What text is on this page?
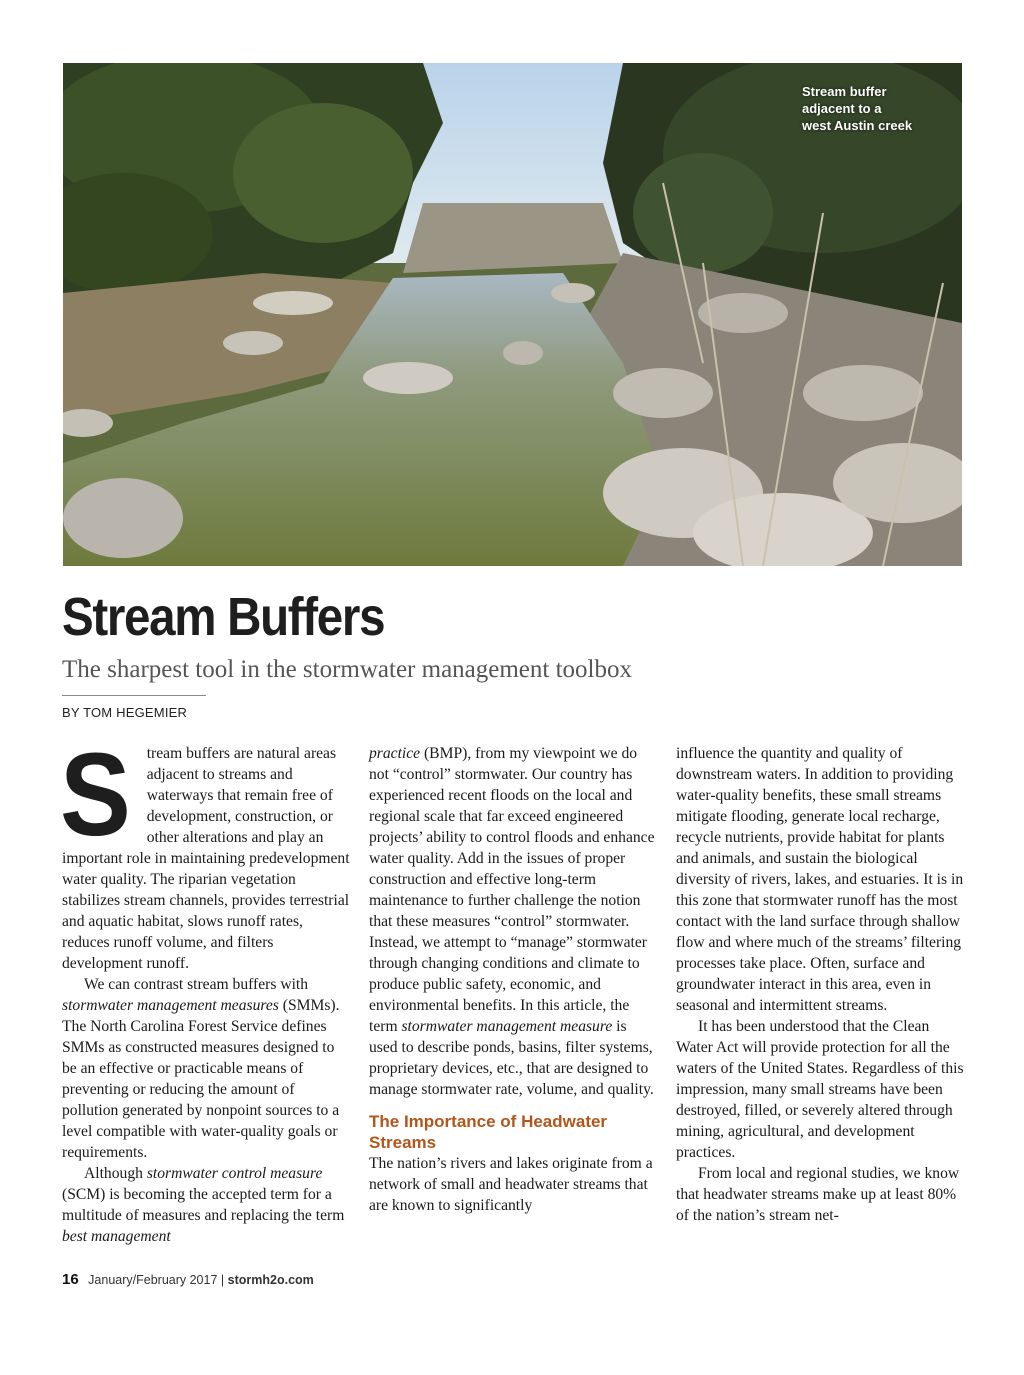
Stream buffer
adjacent to a
west Austin creek
Stream Buffers
The sharpest tool in the stormwater management toolbox
BY TOM HEGEMIER

S tream buffers are natural areas adjacent to streams and waterways that remain free of development, construction, or other alterations and play an important role in maintaining predevelopment water quality. The riparian vegetation stabilizes stream channels, provides terrestrial and aquatic habitat, slows runoff rates, reduces runoff volume, and filters development runoff.

We can contrast stream buffers with stormwater management measures (SMMs). The North Carolina Forest Service defines SMMs as constructed measures designed to be an effective or practicable means of preventing or reducing the amount of pollution generated by nonpoint sources to a level compatible with water-quality goals or requirements.

Although stormwater control measure (SCM) is becoming the accepted term for a multitude of measures and replacing the term best management

practice (BMP), from my viewpoint we do not “control” stormwater. Our country has experienced recent floods on the local and regional scale that far exceed engineered projects’ ability to control floods and enhance water quality. Add in the issues of proper construction and effective long-term maintenance to further challenge the notion that these measures “control” stormwater. Instead, we attempt to “manage” stormwater through changing conditions and climate to produce public safety, economic, and environmental benefits. In this article, the term stormwater management measure is used to describe ponds, basins, filter systems, proprietary devices, etc., that are designed to manage stormwater rate, volume, and quality.

The Importance of Headwater Streams

The nation’s rivers and lakes originate from a network of small and headwater streams that are known to significantly

influence the quantity and quality of downstream waters. In addition to providing water-quality benefits, these small streams mitigate flooding, generate local recharge, recycle nutrients, provide habitat for plants and animals, and sustain the biological diversity of rivers, lakes, and estuaries. It is in this zone that stormwater runoff has the most contact with the land surface through shallow flow and where much of the streams’ filtering processes take place. Often, surface and groundwater interact in this area, even in seasonal and intermittent streams.

It has been understood that the Clean Water Act will provide protection for all the waters of the United States. Regardless of this impression, many small streams have been destroyed, filled, or severely altered through mining, agricultural, and development practices.

From local and regional studies, we know that headwater streams make up at least 80% of the nation’s stream net-

16 January/February 2017 | stormh2o.com
